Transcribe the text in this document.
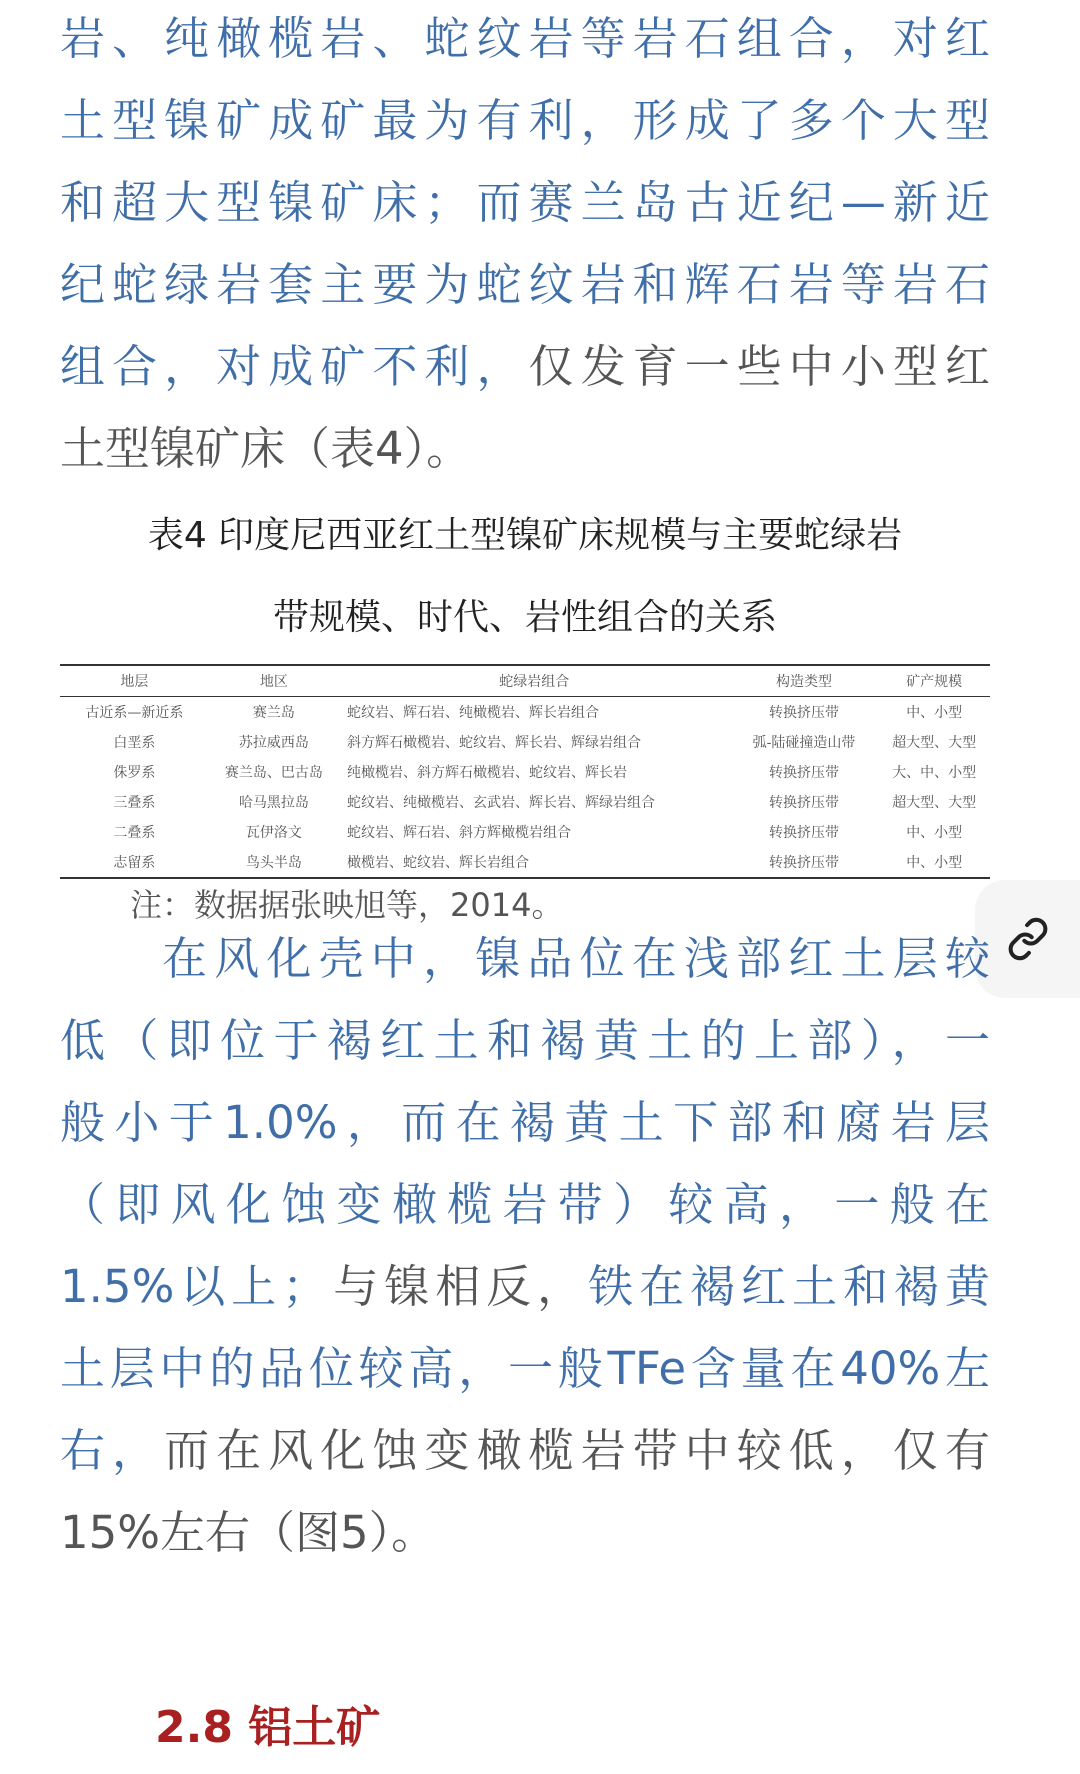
岩、纯橄榄岩、蛇纹岩等岩石组合，对红
土型镍矿成矿最为有利，形成了多个大型
和超大型镍矿床；而赛兰岛古近纪—新近
纪蛇绿岩套主要为蛇纹岩和辉石岩等岩石
组合，对成矿不利，仅发育一些中小型红
土型镍矿床（表4）。
表4 印度尼西亚红土型镍矿床规模与主要蛇绿岩
带规模、时代、岩性组合的关系
地层	地区	蛇绿岩组合	构造类型	矿产规模
古近系—新近系	赛兰岛	蛇纹岩、辉石岩、纯橄榄岩、辉长岩组合	转换挤压带	中、小型
白垩系	苏拉威西岛	斜方辉石橄榄岩、蛇纹岩、辉长岩、辉绿岩组合	弧-陆碰撞造山带	超大型、大型
侏罗系	赛兰岛、巴古岛	纯橄榄岩、斜方辉石橄榄岩、蛇纹岩、辉长岩	转换挤压带	大、中、小型
三叠系	哈马黑拉岛	蛇纹岩、纯橄榄岩、玄武岩、辉长岩、辉绿岩组合	转换挤压带	超大型、大型
二叠系	瓦伊洛文	蛇纹岩、辉石岩、斜方辉橄榄岩组合	转换挤压带	中、小型
志留系	鸟头半岛	橄榄岩、蛇纹岩、辉长岩组合	转换挤压带	中、小型
注：数据据张映旭等，2014。
在风化壳中，镍品位在浅部红土层较
低（即位于褐红土和褐黄土的上部），一
般小于1.0%，而在褐黄土下部和腐岩层
（即风化蚀变橄榄岩带）较高，一般在
1.5%以上；与镍相反，铁在褐红土和褐黄
土层中的品位较高，一般TFe含量在40%左
右，而在风化蚀变橄榄岩带中较低，仅有
15%左右（图5）。
2.8 铝土矿
